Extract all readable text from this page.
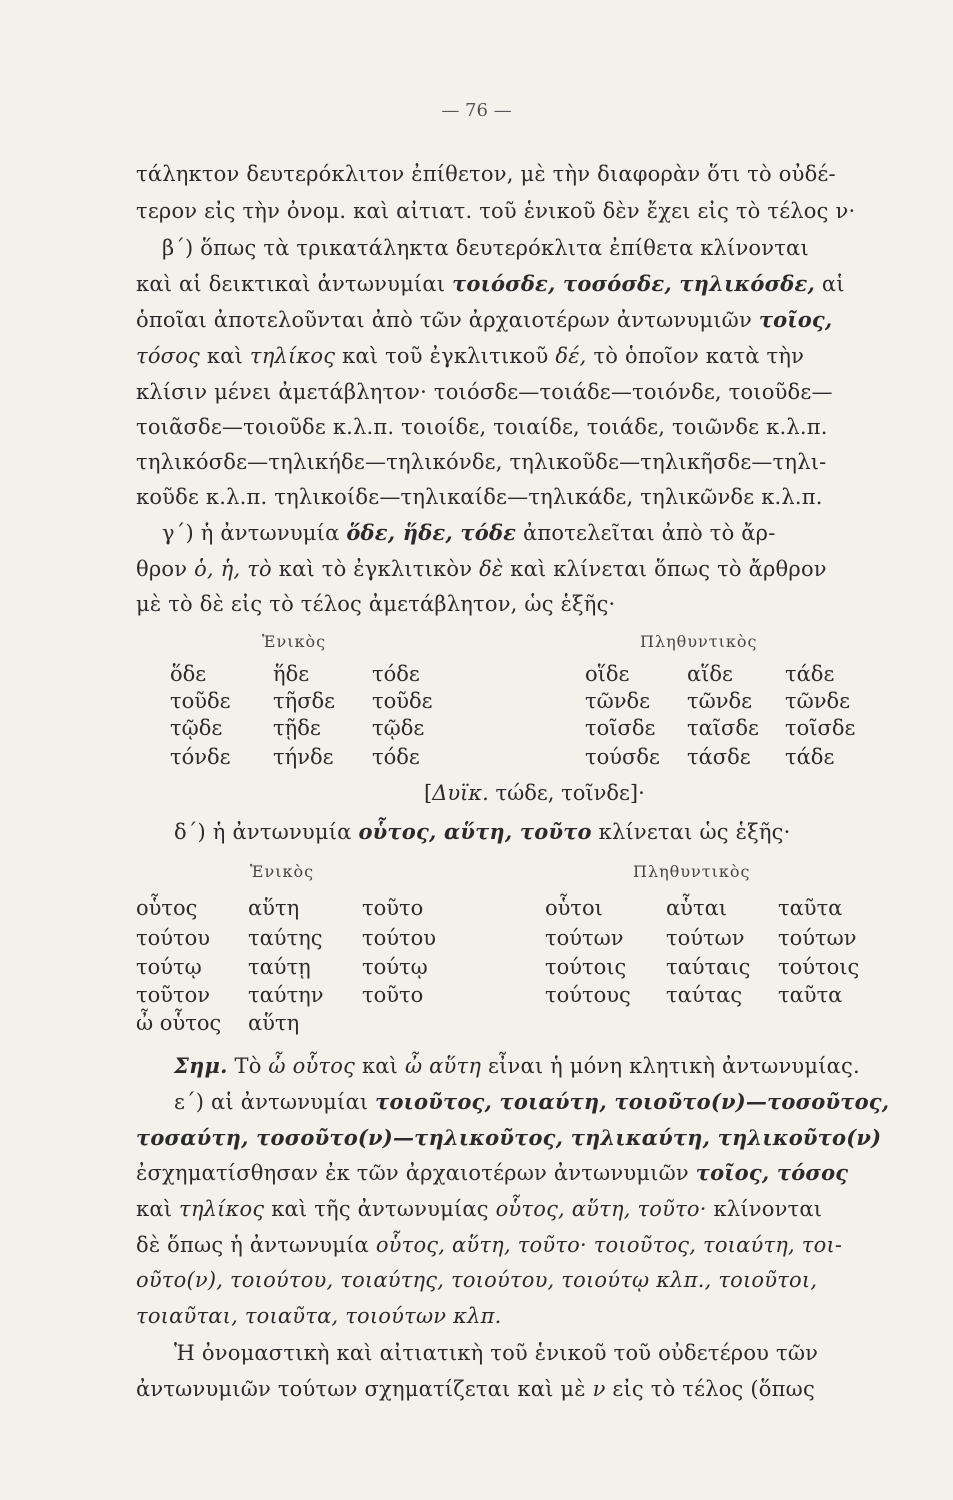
— 76 —
τάληκτον δευτερόκλιτον ἐπίθετον, μὲ τὴν διαφορὰν ὅτι τὸ οὐδέ-
τερον εἰς τὴν ὀνομ. καὶ αἰτιατ. τοῦ ἑνικοῦ δὲν ἔχει εἰς τὸ τέλος ν·
β΄) ὅπως τὰ τρικατάληκτα δευτερόκλιτα ἐπίθετα κλίνονται
καὶ αἱ δεικτικαὶ ἀντωνυμίαι τοιόσδε, τοσόσδε, τηλικόσδε, αἱ
ὁποῖαι ἀποτελοῦνται ἀπὸ τῶν ἀρχαιοτέρων ἀντωνυμιῶν τοῖος,
τόσος καὶ τηλίκος καὶ τοῦ ἐγκλιτικοῦ δέ, τὸ ὁποῖον κατὰ τὴν
κλίσιν μένει ἀμετάβλητον· τοιόσδε—τοιάδε—τοιόνδε, τοιοῦδε—
τοιᾶσδε—τοιοῦδε κ.λ.π. τοιοίδε, τοιαίδε, τοιάδε, τοιῶνδε κ.λ.π.
τηλικόσδε—τηλικήδε—τηλικόνδε, τηλικοῦδε—τηλικῆσδε—τηλι-
κοῦδε κ.λ.π. τηλικοίδε—τηλικαίδε—τηλικάδε, τηλικῶνδε κ.λ.π.
γ΄) ἡ ἀντωνυμία ὅδε, ἥδε, τόδε ἀποτελεῖται ἀπὸ τὸ ἄρ-
θρον ὁ, ἡ, τὸ καὶ τὸ ἐγκλιτικὸν δὲ καὶ κλίνεται ὅπως τὸ ἄρθρον
μὲ τὸ δὲ εἰς τὸ τέλος ἀμετάβλητον, ὡς ἑξῆς·
Ἑνικὸς	Πληθυντικὸς
ὅδε	ἥδε	τόδε	οἵδε	αἵδε τάδε
τοῦδε τῆσδε τοῦδε	τῶνδε τῶνδε τῶνδε
τῷδε τῇδε τῷδε	τοῖσδε ταῖσδε τοῖσδε
τόνδε τήνδε τόδε	τούσδε τάσδε τάδε
[Δυϊκ. τώδε, τοῖνδε]·
δ΄) ἡ ἀντωνυμία οὗτος, αὕτη, τοῦτο κλίνεται ὡς ἑξῆς·
Ἑνικὸς	Πληθυντικὸς
οὗτος αὕτη	τοῦτο	οὗτοι	αὗται ταῦτα
τούτου ταύτης τούτου	τούτων τούτων τούτων
τούτῳ ταύτῃ τούτῳ	τούτοις ταύταις τούτοις
τοῦτον ταύτην τοῦτο	τούτους ταύτας ταῦτα
ὦ οὗτος αὕτη
Σημ. Τὸ ὦ οὗτος καὶ ὦ αὕτη εἶναι ἡ μόνη κλητικὴ ἀντωνυμίας.
ε΄) αἱ ἀντωνυμίαι τοιοῦτος, τοιαύτη, τοιοῦτο(ν)—τοσοῦτος,
τοσαύτη, τοσοῦτο(ν)—τηλικοῦτος, τηλικαύτη, τηλικοῦτο(ν)
ἐσχηματίσθησαν ἐκ τῶν ἀρχαιοτέρων ἀντωνυμιῶν τοῖος, τόσος
καὶ τηλίκος καὶ τῆς ἀντωνυμίας οὗτος, αὕτη, τοῦτο· κλίνονται
δὲ ὅπως ἡ ἀντωνυμία οὗτος, αὕτη, τοῦτο· τοιοῦτος, τοιαύτη, τοι-
οῦτο(ν), τοιούτου, τοιαύτης, τοιούτου, τοιούτῳ κλπ., τοιοῦτοι,
τοιαῦται, τοιαῦτα, τοιούτων κλπ.
Ἡ ὀνομαστικὴ καὶ αἰτιατικὴ τοῦ ἑνικοῦ τοῦ οὐδετέρου τῶν
ἀντωνυμιῶν τούτων σχηματίζεται καὶ μὲ ν εἰς τὸ τέλος (ὅπως
